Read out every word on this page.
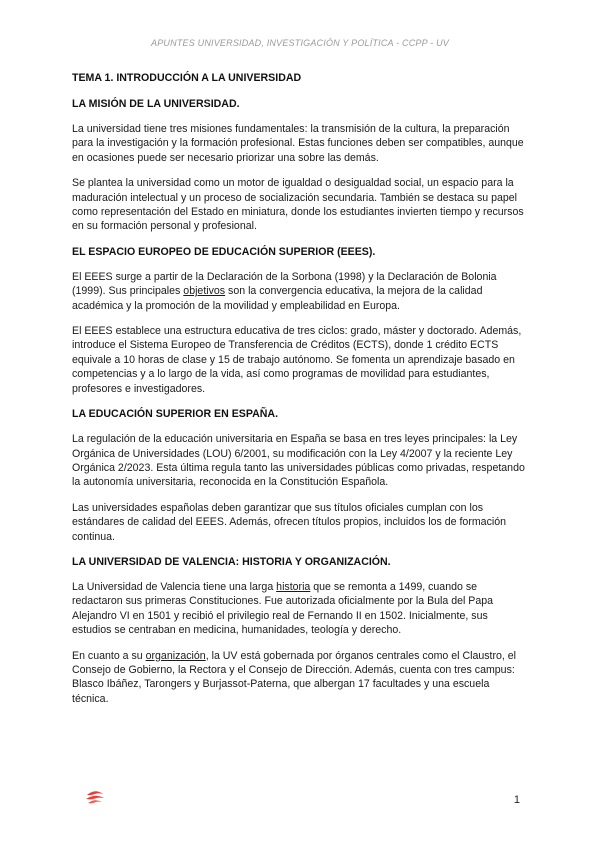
APUNTES UNIVERSIDAD, INVESTIGACIÓN Y POLÍTICA - CCPP - UV
TEMA 1. INTRODUCCIÓN A LA UNIVERSIDAD
LA MISIÓN DE LA UNIVERSIDAD.

La universidad tiene tres misiones fundamentales: la transmisión de la cultura, la preparación para la investigación y la formación profesional. Estas funciones deben ser compatibles, aunque en ocasiones puede ser necesario priorizar una sobre las demás.

Se plantea la universidad como un motor de igualdad o desigualdad social, un espacio para la maduración intelectual y un proceso de socialización secundaria. También se destaca su papel como representación del Estado en miniatura, donde los estudiantes invierten tiempo y recursos en su formación personal y profesional.

EL ESPACIO EUROPEO DE EDUCACIÓN SUPERIOR (EEES).

El EEES surge a partir de la Declaración de la Sorbona (1998) y la Declaración de Bolonia (1999). Sus principales objetivos son la convergencia educativa, la mejora de la calidad académica y la promoción de la movilidad y empleabilidad en Europa.

El EEES establece una estructura educativa de tres ciclos: grado, máster y doctorado. Además, introduce el Sistema Europeo de Transferencia de Créditos (ECTS), donde 1 crédito ECTS equivale a 10 horas de clase y 15 de trabajo autónomo. Se fomenta un aprendizaje basado en competencias y a lo largo de la vida, así como programas de movilidad para estudiantes, profesores e investigadores.

LA EDUCACIÓN SUPERIOR EN ESPAÑA.

La regulación de la educación universitaria en España se basa en tres leyes principales: la Ley Orgánica de Universidades (LOU) 6/2001, su modificación con la Ley 4/2007 y la reciente Ley Orgánica 2/2023. Esta última regula tanto las universidades públicas como privadas, respetando la autonomía universitaria, reconocida en la Constitución Española.

Las universidades españolas deben garantizar que sus títulos oficiales cumplan con los estándares de calidad del EEES. Además, ofrecen títulos propios, incluidos los de formación continua.

LA UNIVERSIDAD DE VALENCIA: HISTORIA Y ORGANIZACIÓN.

La Universidad de Valencia tiene una larga historia que se remonta a 1499, cuando se redactaron sus primeras Constituciones. Fue autorizada oficialmente por la Bula del Papa Alejandro VI en 1501 y recibió el privilegio real de Fernando II en 1502. Inicialmente, sus estudios se centraban en medicina, humanidades, teología y derecho.

En cuanto a su organización, la UV está gobernada por órganos centrales como el Claustro, el Consejo de Gobierno, la Rectora y el Consejo de Dirección. Además, cuenta con tres campus: Blasco Ibáñez, Tarongers y Burjassot-Paterna, que albergan 17 facultades y una escuela técnica.

1
